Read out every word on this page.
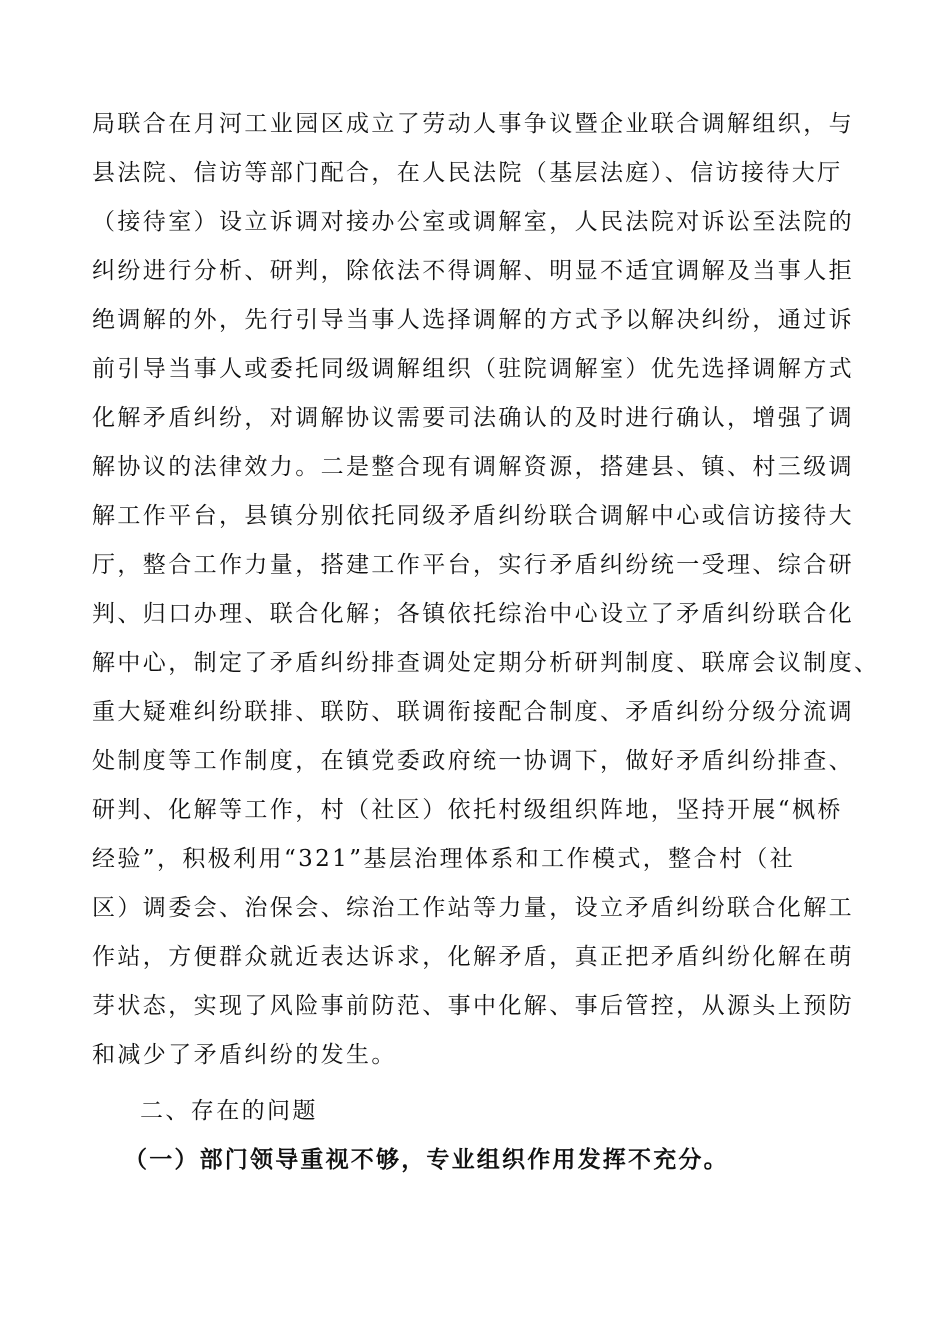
局联合在月河工业园区成立了劳动人事争议暨企业联合调解组织，与
县法院、信访等部门配合，在人民法院（基层法庭）、信访接待大厅
（接待室）设立诉调对接办公室或调解室，人民法院对诉讼至法院的
纠纷进行分析、研判，除依法不得调解、明显不适宜调解及当事人拒
绝调解的外，先行引导当事人选择调解的方式予以解决纠纷，通过诉
前引导当事人或委托同级调解组织（驻院调解室）优先选择调解方式
化解矛盾纠纷，对调解协议需要司法确认的及时进行确认，增强了调
解协议的法律效力。二是整合现有调解资源，搭建县、镇、村三级调
解工作平台，县镇分别依托同级矛盾纠纷联合调解中心或信访接待大
厅，整合工作力量，搭建工作平台，实行矛盾纠纷统一受理、综合研
判、归口办理、联合化解；各镇依托综治中心设立了矛盾纠纷联合化
解中心，制定了矛盾纠纷排查调处定期分析研判制度、联席会议制度、
重大疑难纠纷联排、联防、联调衔接配合制度、矛盾纠纷分级分流调
处制度等工作制度，在镇党委政府统一协调下，做好矛盾纠纷排查、
研判、化解等工作，村（社区）依托村级组织阵地，坚持开展“枫桥
经验”，积极利用“321”基层治理体系和工作模式，整合村（社
区）调委会、治保会、综治工作站等力量，设立矛盾纠纷联合化解工
作站，方便群众就近表达诉求，化解矛盾，真正把矛盾纠纷化解在萌
芽状态，实现了风险事前防范、事中化解、事后管控，从源头上预防
和减少了矛盾纠纷的发生。
二、存在的问题
（一）部门领导重视不够，专业组织作用发挥不充分。
